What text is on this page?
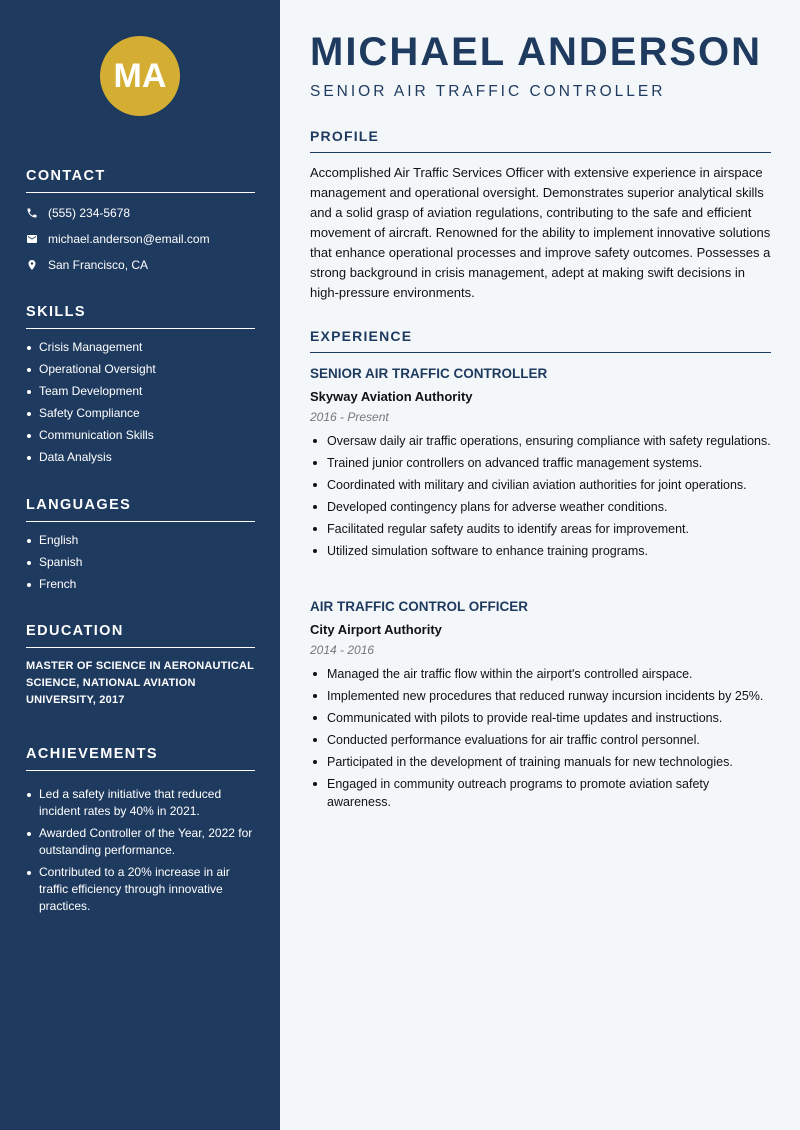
MA
CONTACT
(555) 234-5678
michael.anderson@email.com
San Francisco, CA
SKILLS
Crisis Management
Operational Oversight
Team Development
Safety Compliance
Communication Skills
Data Analysis
LANGUAGES
English
Spanish
French
EDUCATION

MASTER OF SCIENCE IN AERONAUTICAL SCIENCE, NATIONAL AVIATION UNIVERSITY, 2017

ACHIEVEMENTS
Led a safety initiative that reduced incident rates by 40% in 2021.
Awarded Controller of the Year, 2022 for outstanding performance.
Contributed to a 20% increase in air traffic efficiency through innovative practices.
MICHAEL ANDERSON
SENIOR AIR TRAFFIC CONTROLLER
PROFILE

Accomplished Air Traffic Services Officer with extensive experience in airspace management and operational oversight. Demonstrates superior analytical skills and a solid grasp of aviation regulations, contributing to the safe and efficient movement of aircraft. Renowned for the ability to implement innovative solutions that enhance operational processes and improve safety outcomes. Possesses a strong background in crisis management, adept at making swift decisions in high-pressure environments.

EXPERIENCE
SENIOR AIR TRAFFIC CONTROLLER
Skyway Aviation Authority
2016 - Present
Oversaw daily air traffic operations, ensuring compliance with safety regulations.
Trained junior controllers on advanced traffic management systems.
Coordinated with military and civilian aviation authorities for joint operations.
Developed contingency plans for adverse weather conditions.
Facilitated regular safety audits to identify areas for improvement.
Utilized simulation software to enhance training programs.
AIR TRAFFIC CONTROL OFFICER
City Airport Authority
2014 - 2016
Managed the air traffic flow within the airport's controlled airspace.
Implemented new procedures that reduced runway incursion incidents by 25%.
Communicated with pilots to provide real-time updates and instructions.
Conducted performance evaluations for air traffic control personnel.
Participated in the development of training manuals for new technologies.
Engaged in community outreach programs to promote aviation safety awareness.
